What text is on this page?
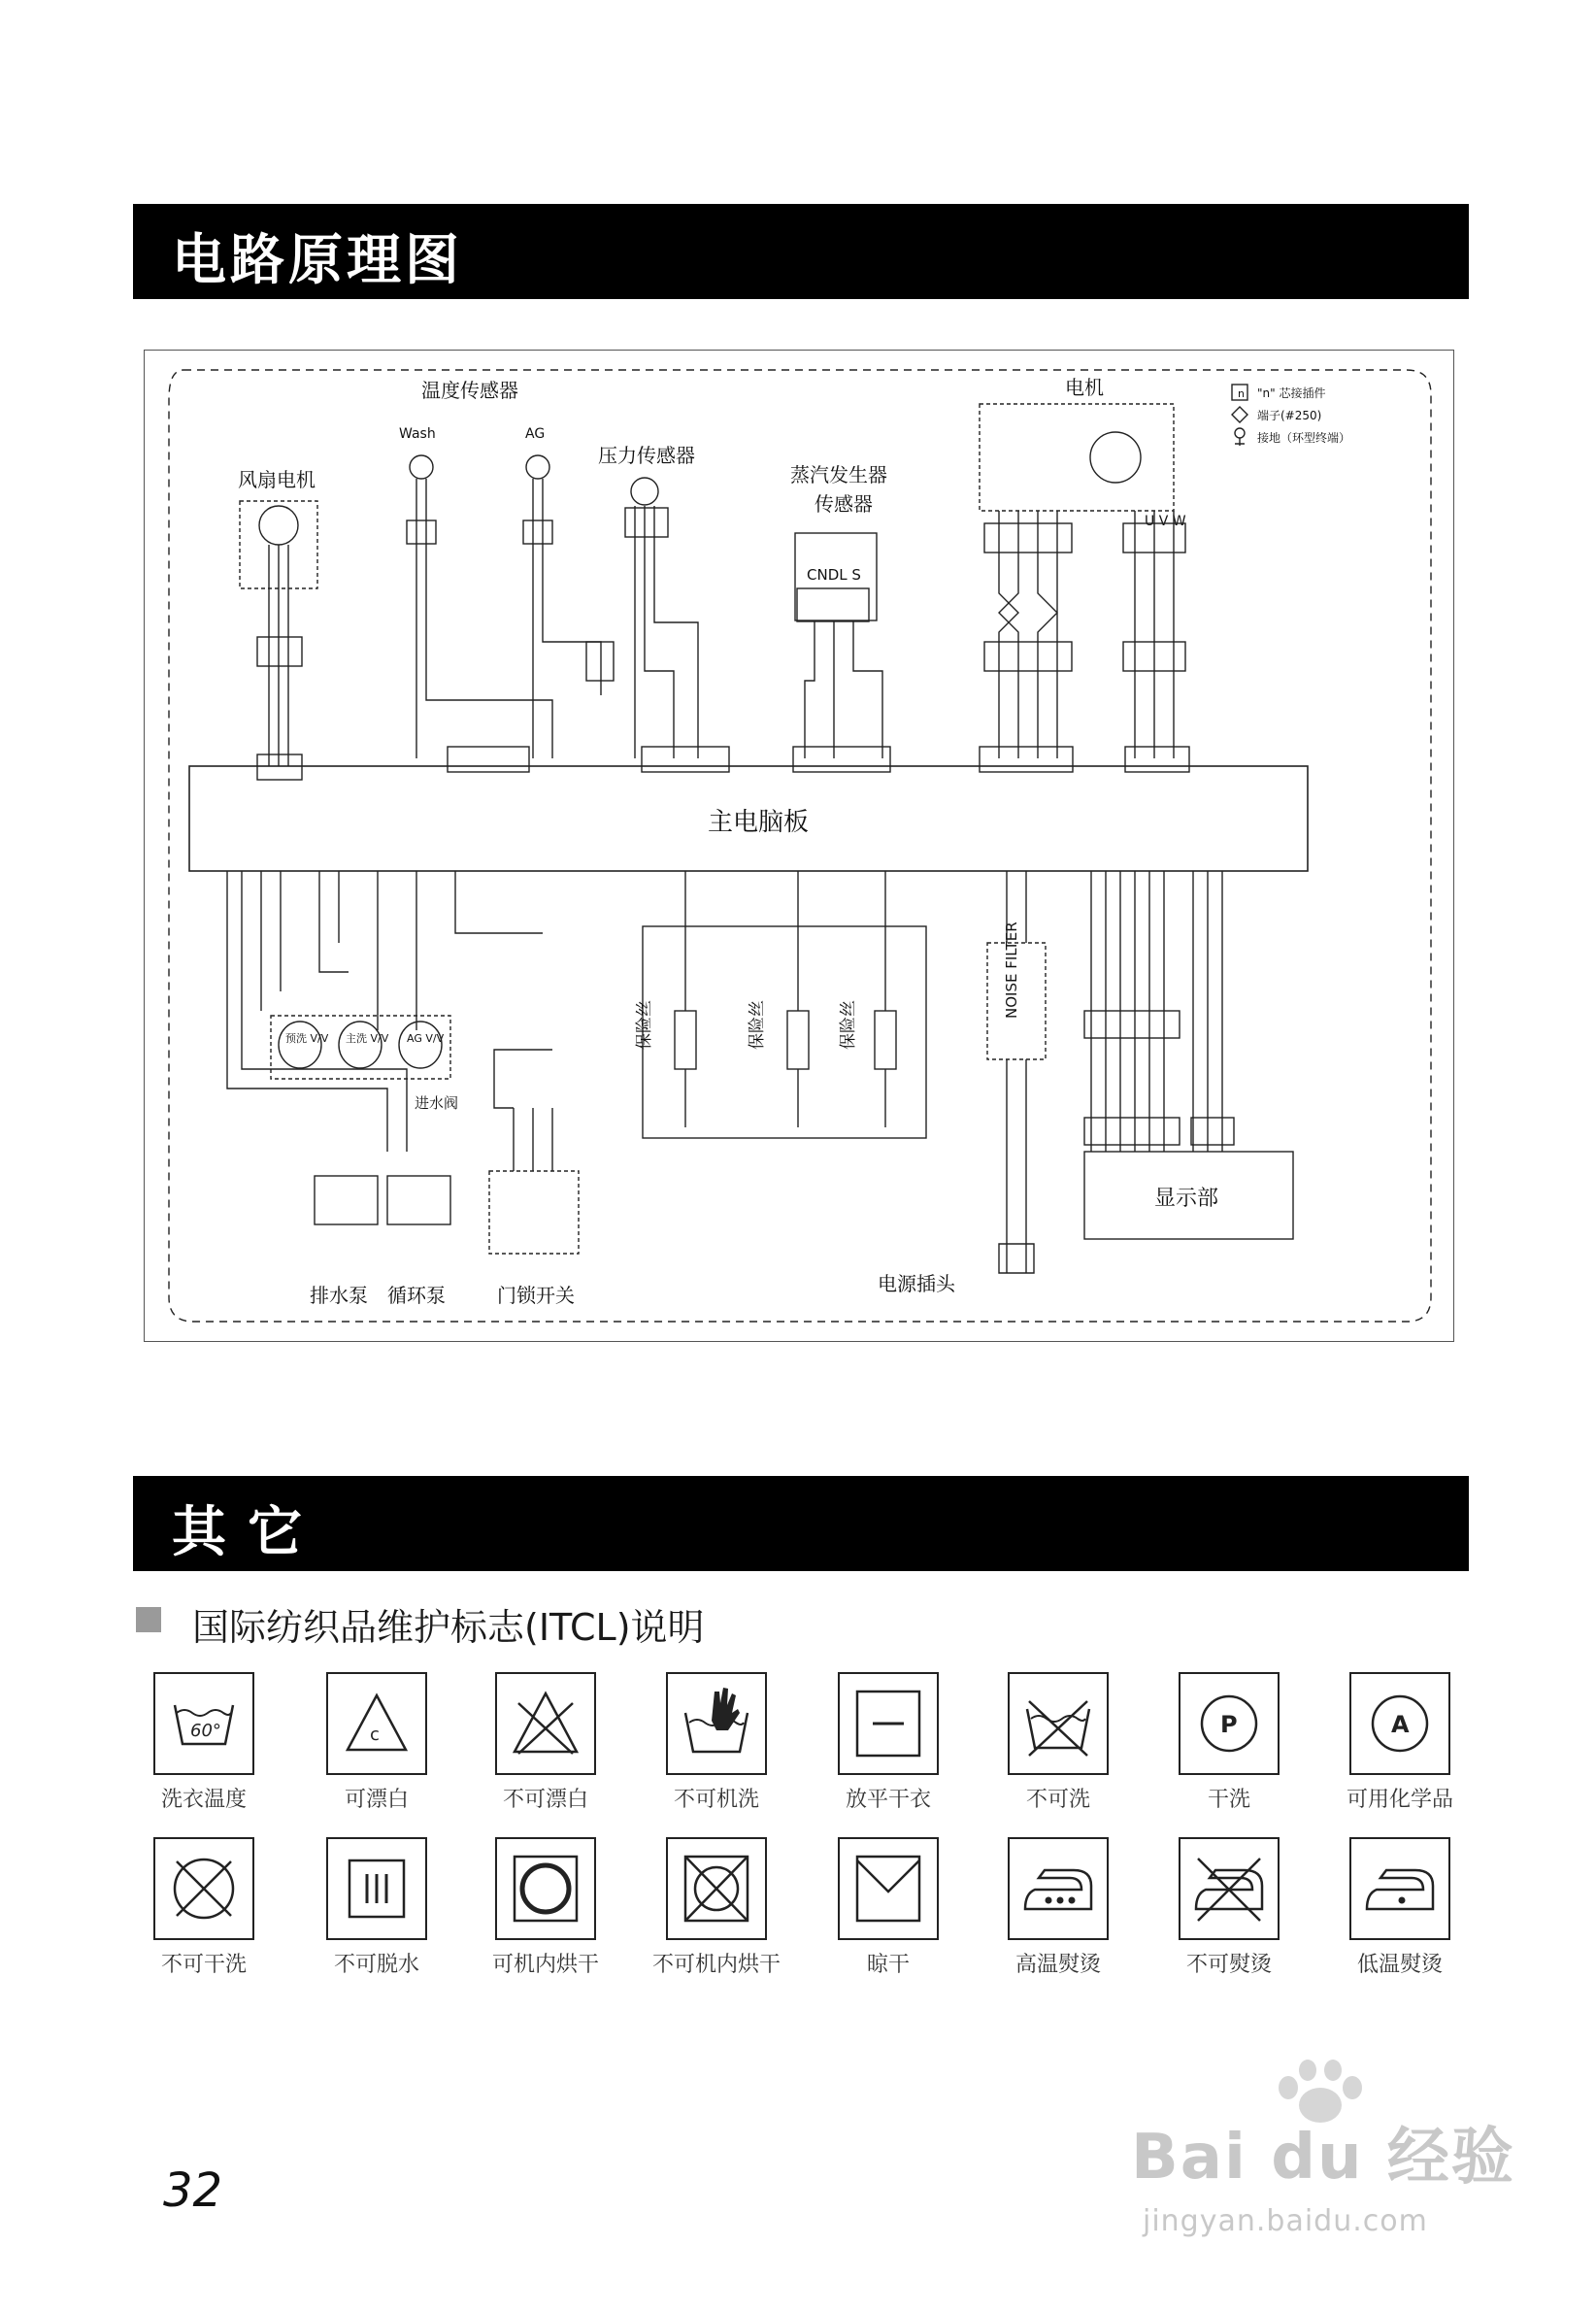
电路原理图
主电脑板
温度传感器
Wash	AG
风扇电机
压力传感器
蒸汽发生器
传感器
电机	n "n" 芯接插件
端子(#250)
接地（环型终端）
CNDL S
U V W
预洗 V/V 主洗 V/V AG V/V
进水阀
排水泵 循环泵	门锁开关
保险丝	保险丝	保险丝
NOISE FILTER
电源插头
显示部
其它
国际纺织品维护标志(ITCL)说明
60°
洗衣温度
c
可漂白	不可漂白	不可机洗	放平干衣	不可洗
P
干洗
A
可用化学品
不可干洗	不可脱水	可机内烘干	不可机内烘干	晾干	高温熨烫	不可熨烫	低温熨烫
32	Bai du 经验
jingyan.baidu.com
